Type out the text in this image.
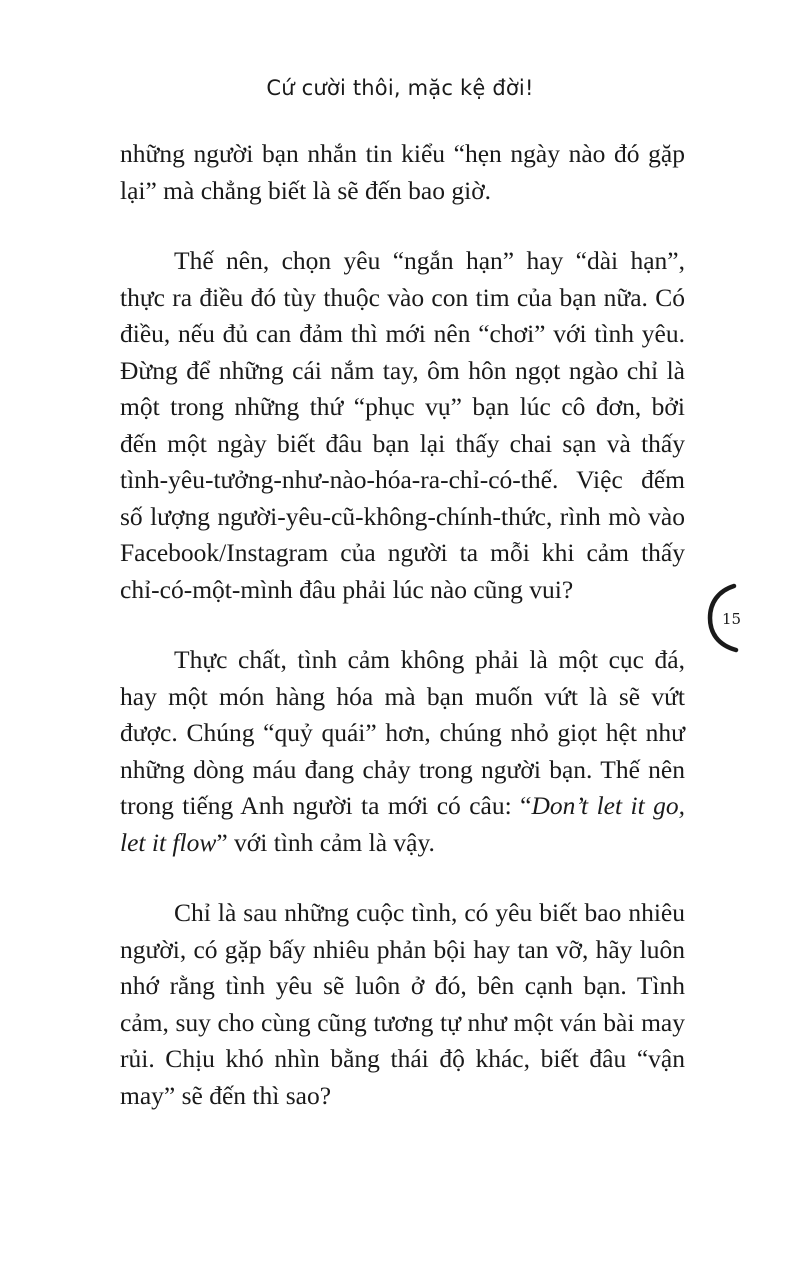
Cứ cười thôi, mặc kệ đời!

những người bạn nhắn tin kiểu “hẹn ngày nào đó gặp lại” mà chẳng biết là sẽ đến bao giờ.

Thế nên, chọn yêu “ngắn hạn” hay “dài hạn”, thực ra điều đó tùy thuộc vào con tim của bạn nữa. Có điều, nếu đủ can đảm thì mới nên “chơi” với tình yêu. Đừng để những cái nắm tay, ôm hôn ngọt ngào chỉ là một trong những thứ “phục vụ” bạn lúc cô đơn, bởi đến một ngày biết đâu bạn lại thấy chai sạn và thấy tình-yêu-tưởng-như-nào-hóa-ra-chỉ-có-thế. Việc đếm số lượng người-yêu-cũ-không-chính-thức, rình mò vào Facebook/Instagram của người ta mỗi khi cảm thấy chỉ-có-một-mình đâu phải lúc nào cũng vui?

Thực chất, tình cảm không phải là một cục đá, hay một món hàng hóa mà bạn muốn vứt là sẽ vứt được. Chúng “quỷ quái” hơn, chúng nhỏ giọt hệt như những dòng máu đang chảy trong người bạn. Thế nên trong tiếng Anh người ta mới có câu: “Don’t let it go, let it flow” với tình cảm là vậy.

Chỉ là sau những cuộc tình, có yêu biết bao nhiêu người, có gặp bấy nhiêu phản bội hay tan vỡ, hãy luôn nhớ rằng tình yêu sẽ luôn ở đó, bên cạnh bạn. Tình cảm, suy cho cùng cũng tương tự như một ván bài may rủi. Chịu khó nhìn bằng thái độ khác, biết đâu “vận may” sẽ đến thì sao?

15
